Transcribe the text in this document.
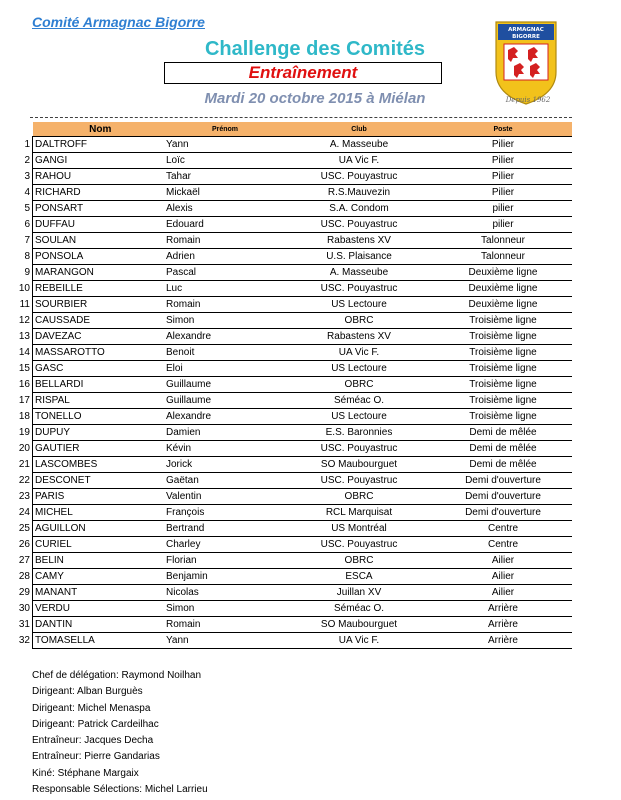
Comité Armagnac Bigorre
Challenge des Comités
Entraînement
Mardi 20 octobre 2015 à Miélan
ARMAGNAC
BIGORRE
Depuis 1962
	Nom	Prénom	Club	Poste
1	DALTROFF	Yann	A. Masseube	Pilier
2	GANGI	Loïc	UA Vic F.	Pilier
3	RAHOU	Tahar	USC. Pouyastruc	Pilier
4	RICHARD	Mickaël	R.S.Mauvezin	Pilier
5	PONSART	Alexis	S.A. Condom	pilier
6	DUFFAU	Edouard	USC. Pouyastruc	pilier
7	SOULAN	Romain	Rabastens XV	Talonneur
8	PONSOLA	Adrien	U.S. Plaisance	Talonneur
9	MARANGON	Pascal	A. Masseube	Deuxième ligne
10	REBEILLE	Luc	USC. Pouyastruc	Deuxième ligne
11	SOURBIER	Romain	US Lectoure	Deuxième ligne
12	CAUSSADE	Simon	OBRC	Troisième ligne
13	DAVEZAC	Alexandre	Rabastens XV	Troisième ligne
14	MASSAROTTO	Benoit	UA Vic F.	Troisième ligne
15	GASC	Eloi	US Lectoure	Troisième ligne
16	BELLARDI	Guillaume	OBRC	Troisième ligne
17	RISPAL	Guillaume	Séméac O.	Troisième ligne
18	TONELLO	Alexandre	US Lectoure	Troisième ligne
19	DUPUY	Damien	E.S. Baronnies	Demi de mêlée
20	GAUTIER	Kévin	USC. Pouyastruc	Demi de mêlée
21	LASCOMBES	Jorick	SO Maubourguet	Demi de mêlée
22	DESCONET	Gaëtan	USC. Pouyastruc	Demi d'ouverture
23	PARIS	Valentin	OBRC	Demi d'ouverture
24	MICHEL	François	RCL Marquisat	Demi d'ouverture
25	AGUILLON	Bertrand	US Montréal	Centre
26	CURIEL	Charley	USC. Pouyastruc	Centre
27	BELIN	Florian	OBRC	Ailier
28	CAMY	Benjamin	ESCA	Ailier
29	MANANT	Nicolas	Juillan XV	Ailier
30	VERDU	Simon	Séméac O.	Arrière
31	DANTIN	Romain	SO Maubourguet	Arrière
32	TOMASELLA	Yann	UA Vic F.	Arrière
Chef de délégation: Raymond Noilhan
Dirigeant: Alban Burguès
Dirigeant: Michel Menaspa
Dirigeant: Patrick Cardeilhac
Entraîneur: Jacques Decha
Entraîneur: Pierre Gandarias
Kiné: Stéphane Margaix
Responsable Sélections: Michel Larrieu
